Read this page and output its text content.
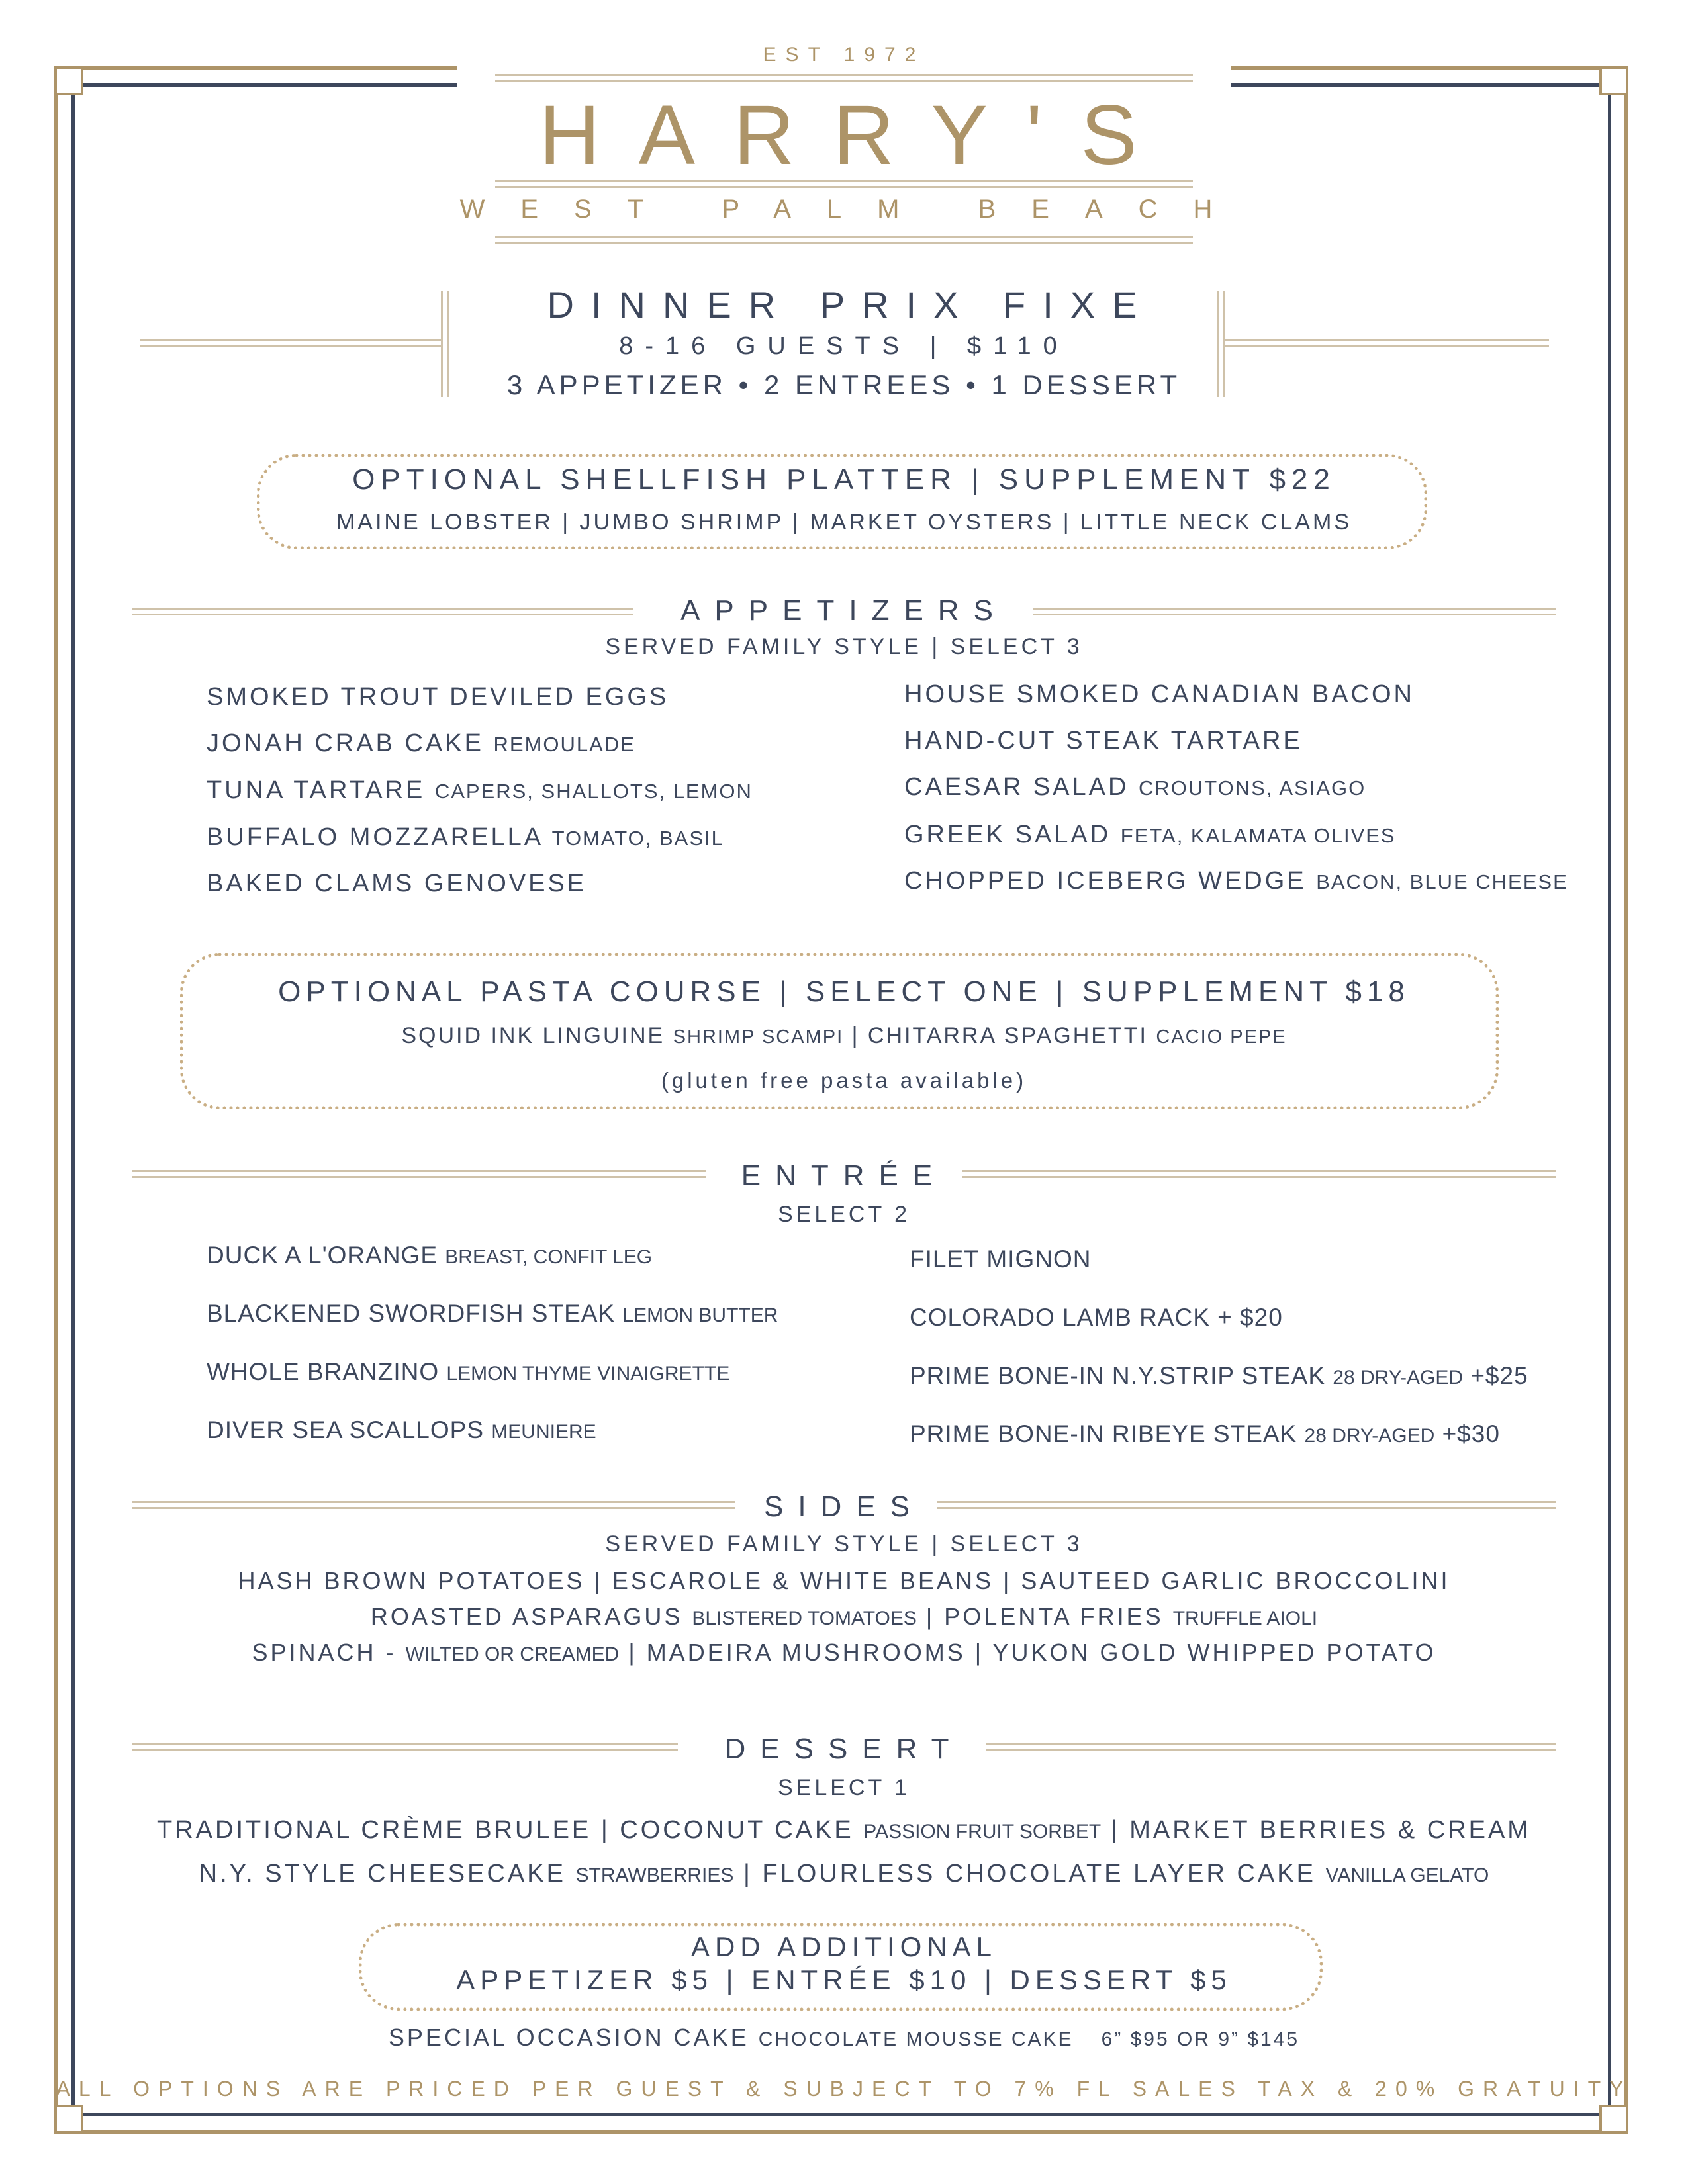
EST 1972
HARRY'S
WEST PALM BEACH
DINNER PRIX FIXE
8-16 GUESTS | $110
3 APPETIZER • 2 ENTREES • 1 DESSERT
OPTIONAL SHELLFISH PLATTER | SUPPLEMENT $22
MAINE LOBSTER | JUMBO SHRIMP | MARKET OYSTERS | LITTLE NECK CLAMS
APPETIZERS
SERVED FAMILY STYLE | SELECT 3
SMOKED TROUT DEVILED EGGS
JONAH CRAB CAKE REMOULADE
TUNA TARTARE CAPERS, SHALLOTS, LEMON
BUFFALO MOZZARELLA TOMATO, BASIL
BAKED CLAMS GENOVESE
HOUSE SMOKED CANADIAN BACON
HAND-CUT STEAK TARTARE
CAESAR SALAD CROUTONS, ASIAGO
GREEK SALAD FETA, KALAMATA OLIVES
CHOPPED ICEBERG WEDGE BACON, BLUE CHEESE
OPTIONAL PASTA COURSE | SELECT ONE | SUPPLEMENT $18
SQUID INK LINGUINE SHRIMP SCAMPI | CHITARRA SPAGHETTI CACIO PEPE
(gluten free pasta available)
ENTRÉE
SELECT 2
DUCK A L'ORANGE BREAST, CONFIT LEG
BLACKENED SWORDFISH STEAK LEMON BUTTER
WHOLE BRANZINO LEMON THYME VINAIGRETTE
DIVER SEA SCALLOPS MEUNIERE
FILET MIGNON
COLORADO LAMB RACK + $20
PRIME BONE-IN N.Y.STRIP STEAK 28 DRY-AGED +$25
PRIME BONE-IN RIBEYE STEAK 28 DRY-AGED +$30
SIDES
SERVED FAMILY STYLE | SELECT 3
HASH BROWN POTATOES | ESCAROLE & WHITE BEANS | SAUTEED GARLIC BROCCOLINI
ROASTED ASPARAGUS BLISTERED TOMATOES | POLENTA FRIES TRUFFLE AIOLI
SPINACH - WILTED OR CREAMED | MADEIRA MUSHROOMS | YUKON GOLD WHIPPED POTATO
DESSERT
SELECT 1
TRADITIONAL CRÈME BRULEE | COCONUT CAKE PASSION FRUIT SORBET | MARKET BERRIES & CREAM
N.Y. STYLE CHEESECAKE STRAWBERRIES | FLOURLESS CHOCOLATE LAYER CAKE VANILLA GELATO
ADD ADDITIONAL
APPETIZER $5 | ENTRÉE $10 | DESSERT $5
SPECIAL OCCASION CAKE CHOCOLATE MOUSSE CAKE 6” $95 OR 9” $145
ALL OPTIONS ARE PRICED PER GUEST & SUBJECT TO 7% FL SALES TAX & 20% GRATUITY
